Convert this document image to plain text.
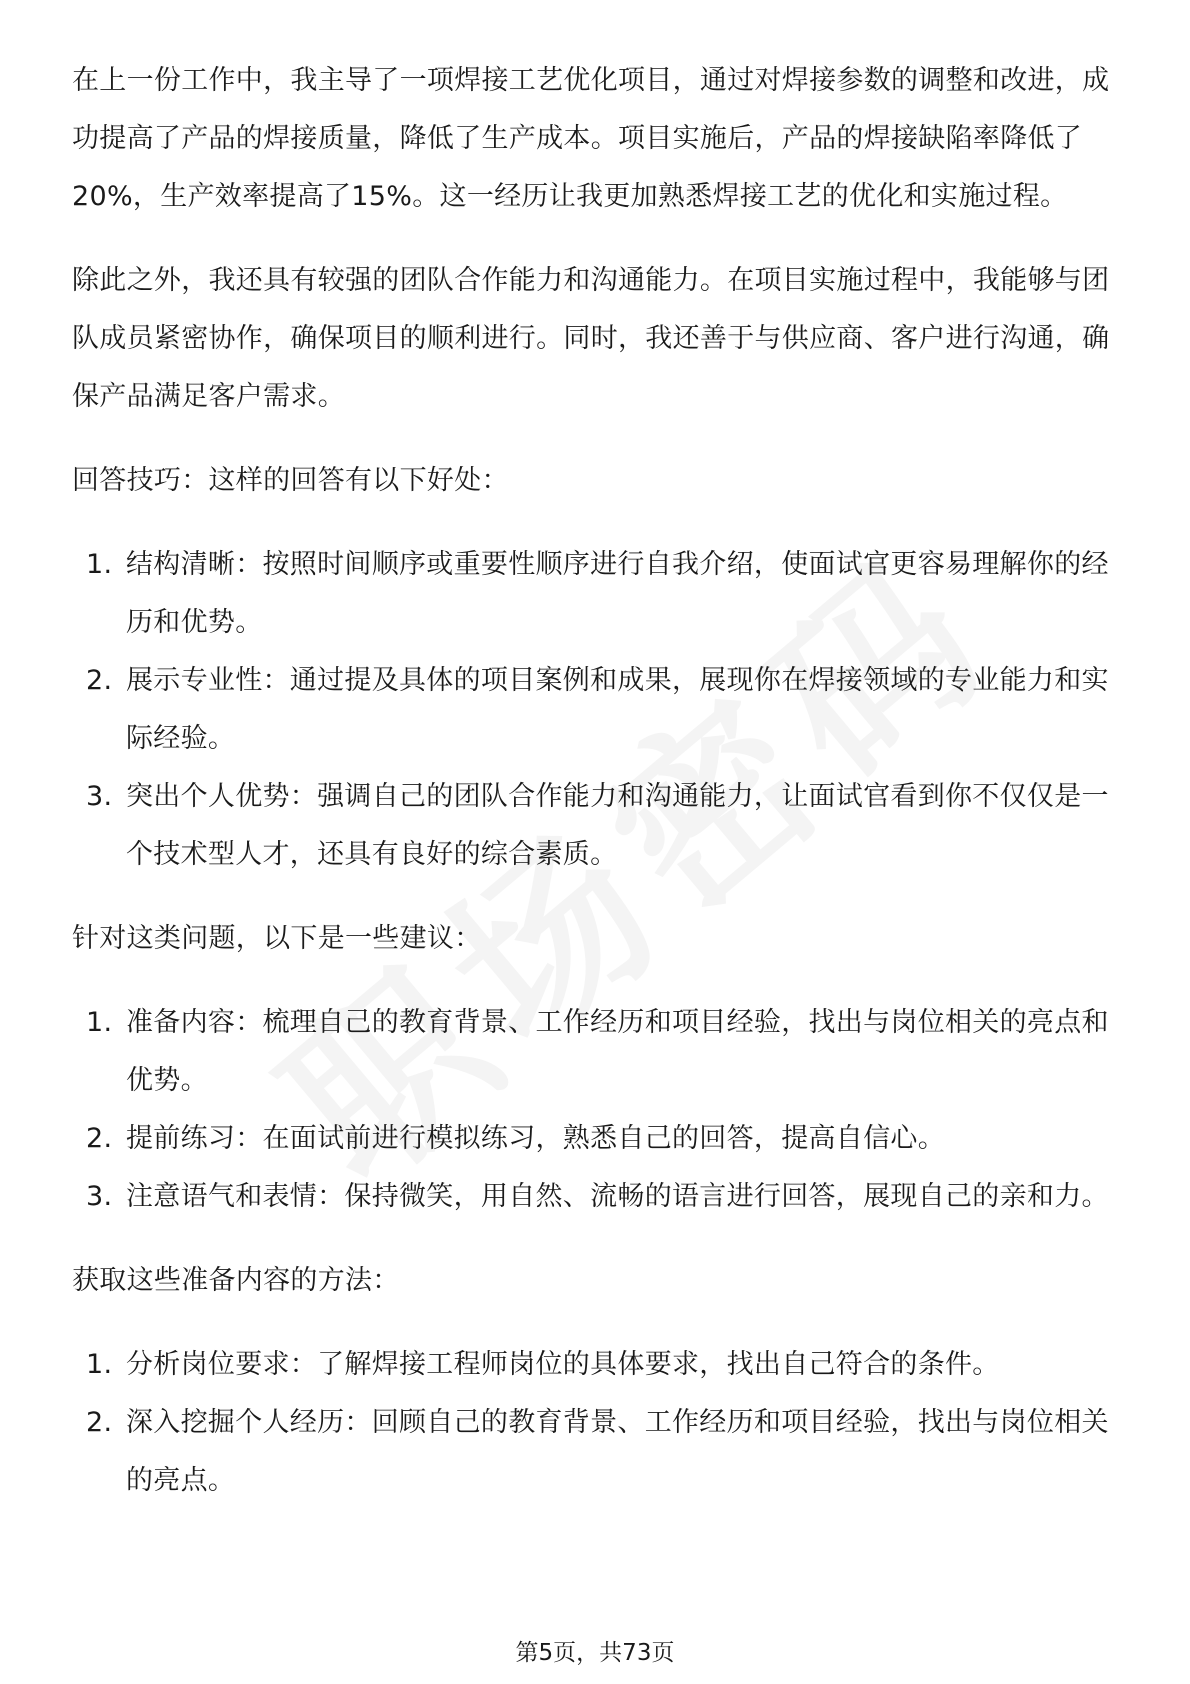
在上一份工作中，我主导了一项焊接工艺优化项目，通过对焊接参数的调整和改进，成功提高了产品的焊接质量，降低了生产成本。项目实施后，产品的焊接缺陷率降低了20%，生产效率提高了15%。这一经历让我更加熟悉焊接工艺的优化和实施过程。

除此之外，我还具有较强的团队合作能力和沟通能力。在项目实施过程中，我能够与团队成员紧密协作，确保项目的顺利进行。同时，我还善于与供应商、客户进行沟通，确保产品满足客户需求。

回答技巧：这样的回答有以下好处：

1. 结构清晰：按照时间顺序或重要性顺序进行自我介绍，使面试官更容易理解你的经历和优势。
2. 展示专业性：通过提及具体的项目案例和成果，展现你在焊接领域的专业能力和实际经验。
3. 突出个人优势：强调自己的团队合作能力和沟通能力，让面试官看到你不仅仅是一个技术型人才，还具有良好的综合素质。

针对这类问题，以下是一些建议：

1. 准备内容：梳理自己的教育背景、工作经历和项目经验，找出与岗位相关的亮点和优势。
2. 提前练习：在面试前进行模拟练习，熟悉自己的回答，提高自信心。
3. 注意语气和表情：保持微笑，用自然、流畅的语言进行回答，展现自己的亲和力。

获取这些准备内容的方法：

1. 分析岗位要求：了解焊接工程师岗位的具体要求，找出自己符合的条件。
2. 深入挖掘个人经历：回顾自己的教育背景、工作经历和项目经验，找出与岗位相关的亮点。
第5页，共73页
